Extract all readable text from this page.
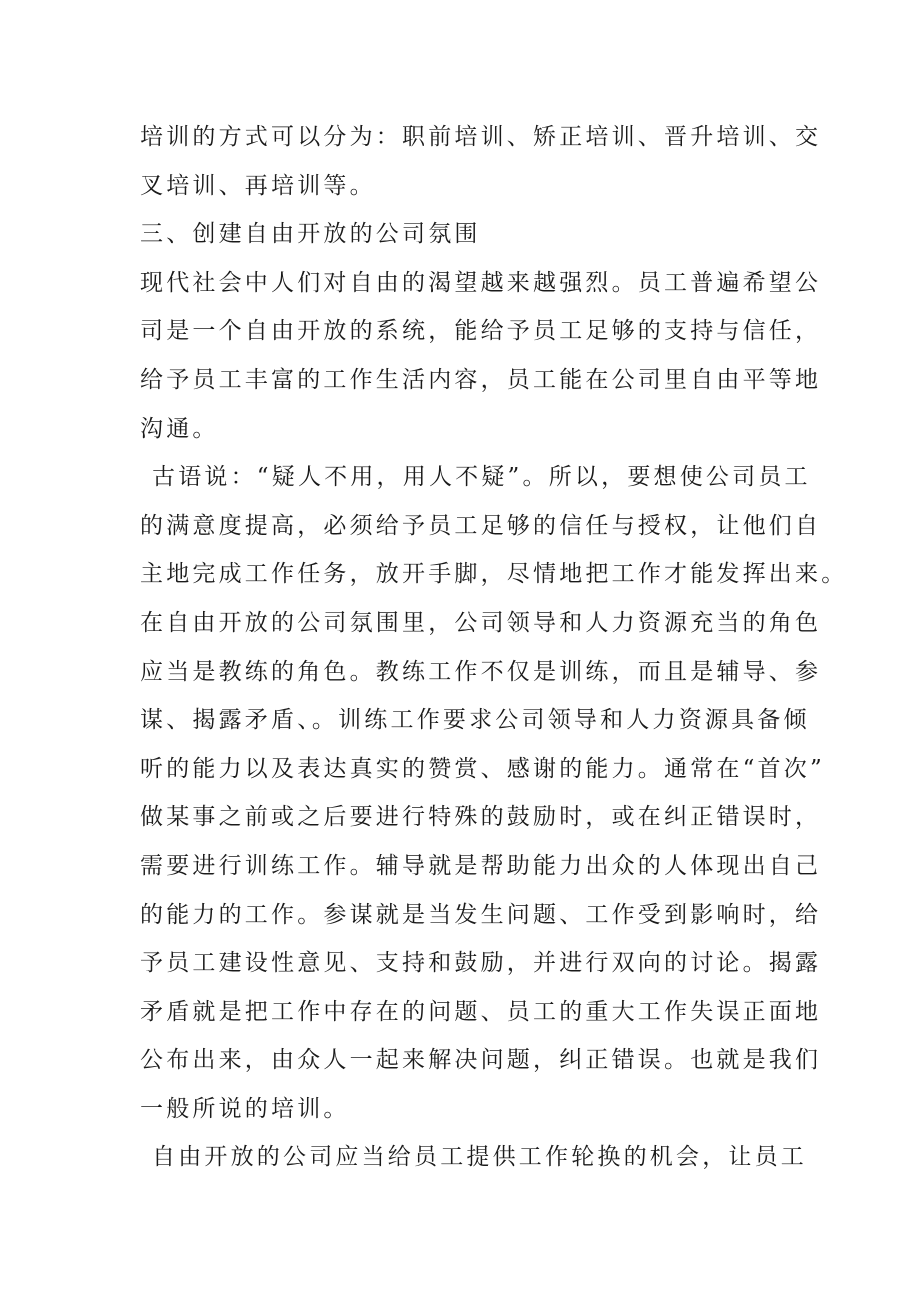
培训的方式可以分为：职前培训、矫正培训、晋升培训、交
叉培训、再培训等。
三、创建自由开放的公司氛围
现代社会中人们对自由的渴望越来越强烈。员工普遍希望公
司是一个自由开放的系统，能给予员工足够的支持与信任，
给予员工丰富的工作生活内容，员工能在公司里自由平等地
沟通。
古语说：“疑人不用，用人不疑”。所以，要想使公司员工
的满意度提高，必须给予员工足够的信任与授权，让他们自
主地完成工作任务，放开手脚，尽情地把工作才能发挥出来。
在自由开放的公司氛围里，公司领导和人力资源充当的角色
应当是教练的角色。教练工作不仅是训练，而且是辅导、参
谋、揭露矛盾、。训练工作要求公司领导和人力资源具备倾
听的能力以及表达真实的赞赏、感谢的能力。通常在“首次”
做某事之前或之后要进行特殊的鼓励时，或在纠正错误时，
需要进行训练工作。辅导就是帮助能力出众的人体现出自己
的能力的工作。参谋就是当发生问题、工作受到影响时，给
予员工建设性意见、支持和鼓励，并进行双向的讨论。揭露
矛盾就是把工作中存在的问题、员工的重大工作失误正面地
公布出来，由众人一起来解决问题，纠正错误。也就是我们
一般所说的培训。
自由开放的公司应当给员工提供工作轮换的机会，让员工
